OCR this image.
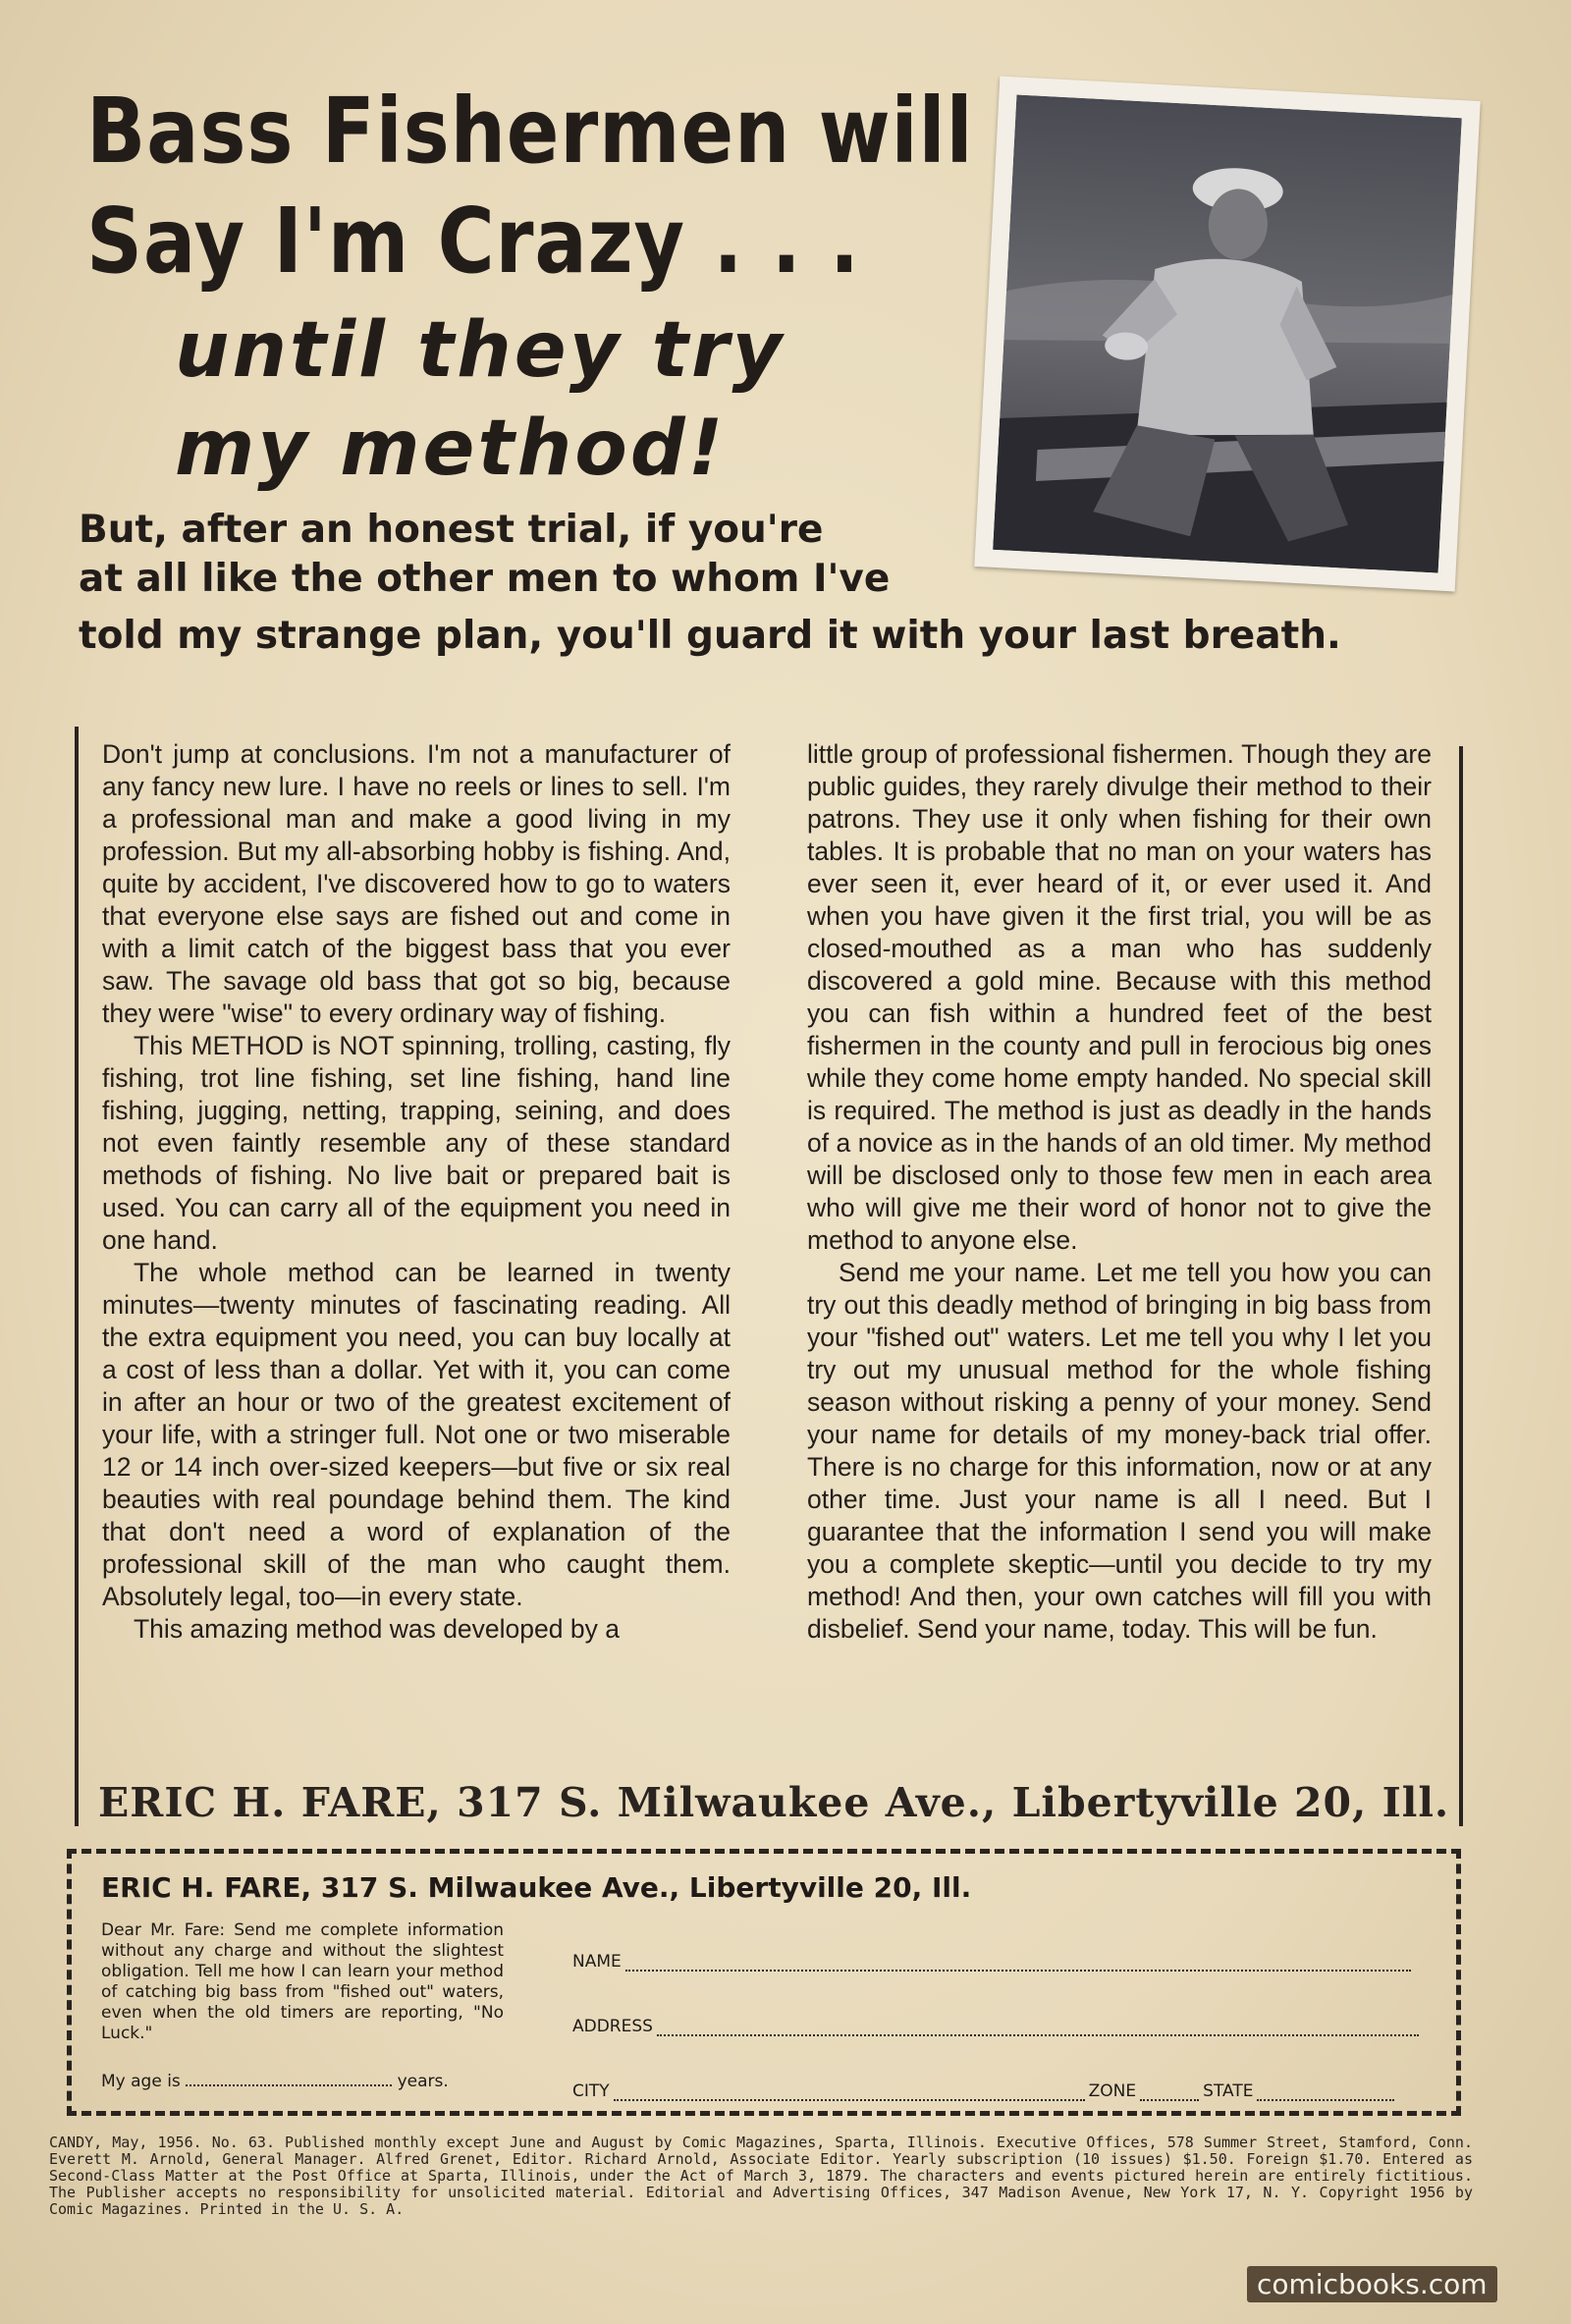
Bass Fishermen will
Say I'm Crazy . . .
until they try
my method!
But, after an honest trial, if you're
at all like the other men to whom I've
told my strange plan, you'll guard it with your last breath.

Don't jump at conclusions. I'm not a manufacturer of any fancy new lure. I have no reels or lines to sell. I'm a professional man and make a good living in my profession. But my all-absorbing hobby is fishing. And, quite by accident, I've discovered how to go to waters that everyone else says are fished out and come in with a limit catch of the biggest bass that you ever saw. The savage old bass that got so big, because they were "wise" to every ordinary way of fishing.

This METHOD is NOT spinning, trolling, casting, fly fishing, trot line fishing, set line fishing, hand line fishing, jugging, netting, trapping, seining, and does not even faintly resemble any of these standard methods of fishing. No live bait or prepared bait is used. You can carry all of the equipment you need in one hand.

The whole method can be learned in twenty minutes—twenty minutes of fascinating reading. All the extra equipment you need, you can buy locally at a cost of less than a dollar. Yet with it, you can come in after an hour or two of the greatest excitement of your life, with a stringer full. Not one or two miserable 12 or 14 inch over-sized keepers—but five or six real beauties with real poundage behind them. The kind that don't need a word of explanation of the professional skill of the man who caught them. Absolutely legal, too—in every state.

This amazing method was developed by a

little group of professional fishermen. Though they are public guides, they rarely divulge their method to their patrons. They use it only when fishing for their own tables. It is probable that no man on your waters has ever seen it, ever heard of it, or ever used it. And when you have given it the first trial, you will be as closed-mouthed as a man who has suddenly discovered a gold mine. Because with this method you can fish within a hundred feet of the best fishermen in the county and pull in ferocious big ones while they come home empty handed. No special skill is required. The method is just as deadly in the hands of a novice as in the hands of an old timer. My method will be disclosed only to those few men in each area who will give me their word of honor not to give the method to anyone else.

Send me your name. Let me tell you how you can try out this deadly method of bringing in big bass from your "fished out" waters. Let me tell you why I let you try out my unusual method for the whole fishing season without risking a penny of your money. Send your name for details of my money-back trial offer. There is no charge for this information, now or at any other time. Just your name is all I need. But I guarantee that the information I send you will make you a complete skeptic—until you decide to try my method! And then, your own catches will fill you with disbelief. Send your name, today. This will be fun.

ERIC H. FARE, 317 S. Milwaukee Ave., Libertyville 20, Ill.
ERIC H. FARE, 317 S. Milwaukee Ave., Libertyville 20, Ill.
Dear Mr. Fare: Send me complete information without any charge and without the slightest obligation. Tell me how I can learn your method of catching big bass from "fished out" waters, even when the old timers are reporting, "No Luck."
My age is	years.
NAME
ADDRESS
CITY	ZONE	STATE
CANDY, May, 1956. No. 63. Published monthly except June and August by Comic Magazines, Sparta, Illinois. Executive Offices, 578 Summer Street, Stamford, Conn. Everett M. Arnold, General Manager. Alfred Grenet, Editor. Richard Arnold, Associate Editor. Yearly subscription (10 issues) $1.50. Foreign $1.70. Entered as Second-Class Matter at the Post Office at Sparta, Illinois, under the Act of March 3, 1879. The characters and events pictured herein are entirely fictitious. The Publisher accepts no responsibility for unsolicited material. Editorial and Advertising Offices, 347 Madison Avenue, New York 17, N. Y. Copyright 1956 by Comic Magazines. Printed in the U. S. A.
comicbooks.com
